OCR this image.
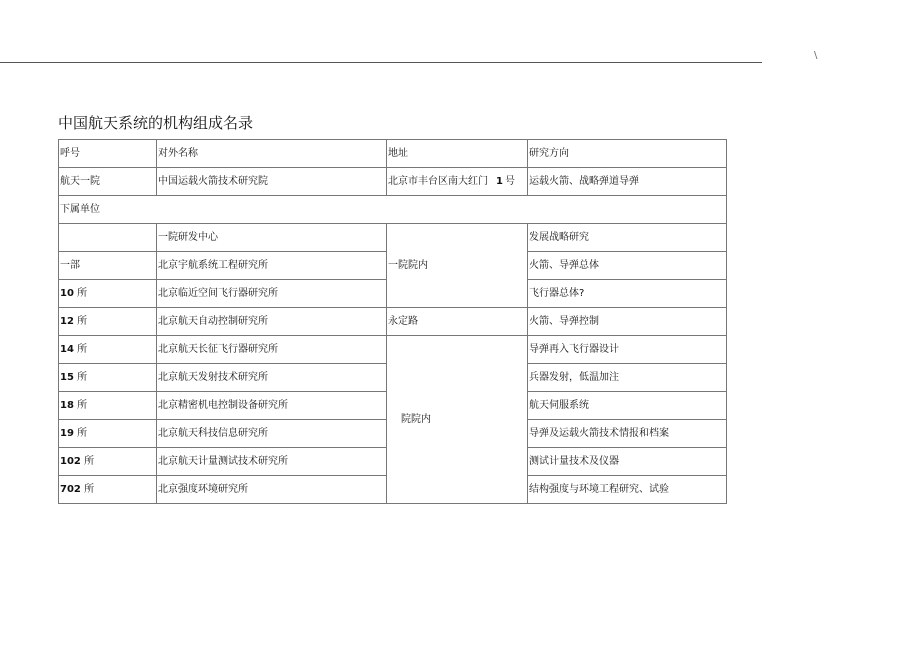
\
中国航天系统的机构组成名录
呼号	对外名称	地址	研究方向
航天一院	中国运载火箭技术研究院	北京市丰台区南大红门 1 号	运载火箭、战略弹道导弹
下属单位			
	一院研发中心	一院院内	发展战略研究
一部	北京宇航系统工程研究所		火箭、导弹总体
10 所	北京临近空间飞行器研究所		飞行器总体?
12 所	北京航天自动控制研究所	永定路	火箭、导弹控制
14 所	北京航天长征飞行器研究所	院院内	导弹再入飞行器设计
15 所	北京航天发射技术研究所		兵器发射，低温加注
18 所	北京精密机电控制设备研究所		航天伺服系统
19 所	北京航天科技信息研究所		导弹及运载火箭技术情报和档案
102 所	北京航天计量测试技术研究所		测试计量技术及仪器
702 所	北京强度环境研究所		结构强度与环境工程研究、试验
